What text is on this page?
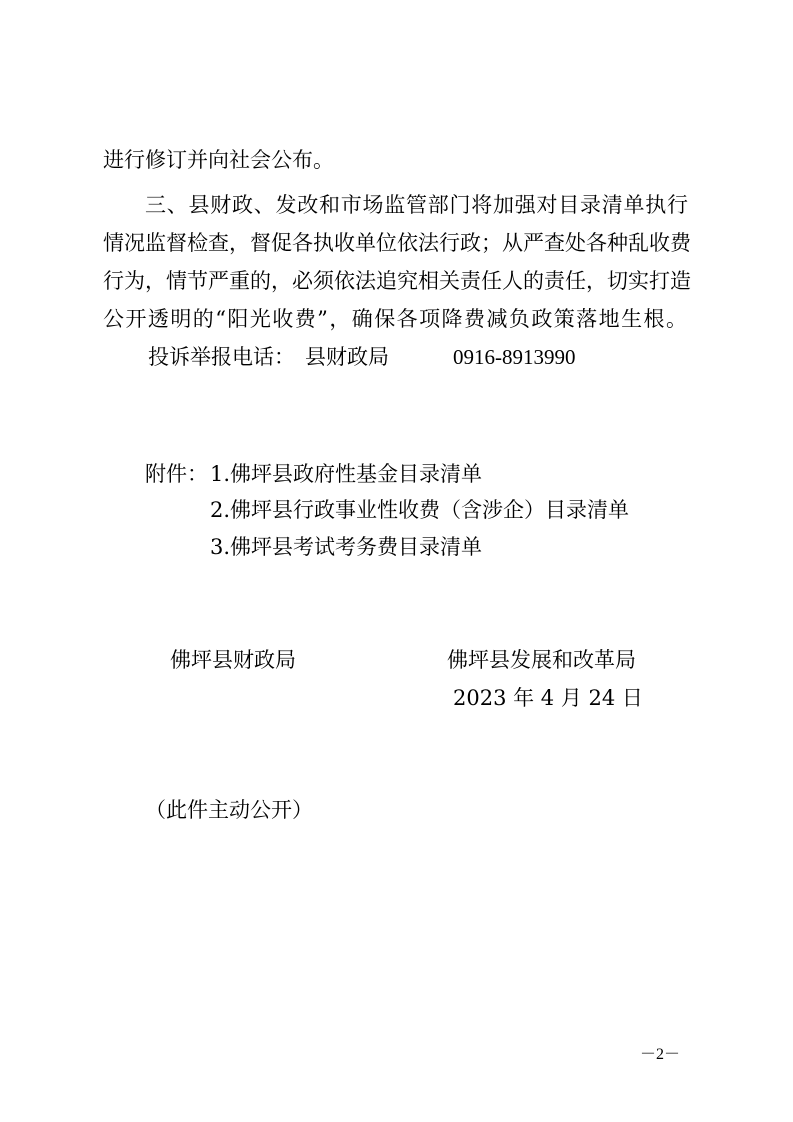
进行修订并向社会公布。
三、县财政、发改和市场监管部门将加强对目录清单执行
情况监督检查，督促各执收单位依法行政；从严查处各种乱收费
行为，情节严重的，必须依法追究相关责任人的责任，切实打造
公开透明的“阳光收费”，确保各项降费减负政策落地生根。
投诉举报电话： 县财政局	0916-8913990
附件： 1.佛坪县政府性基金目录清单
2.佛坪县行政事业性收费（含涉企）目录清单
3.佛坪县考试考务费目录清单
佛坪县财政局	佛坪县发展和改革局
2023 年 4 月 24 日
（此件主动公开）
－2－
